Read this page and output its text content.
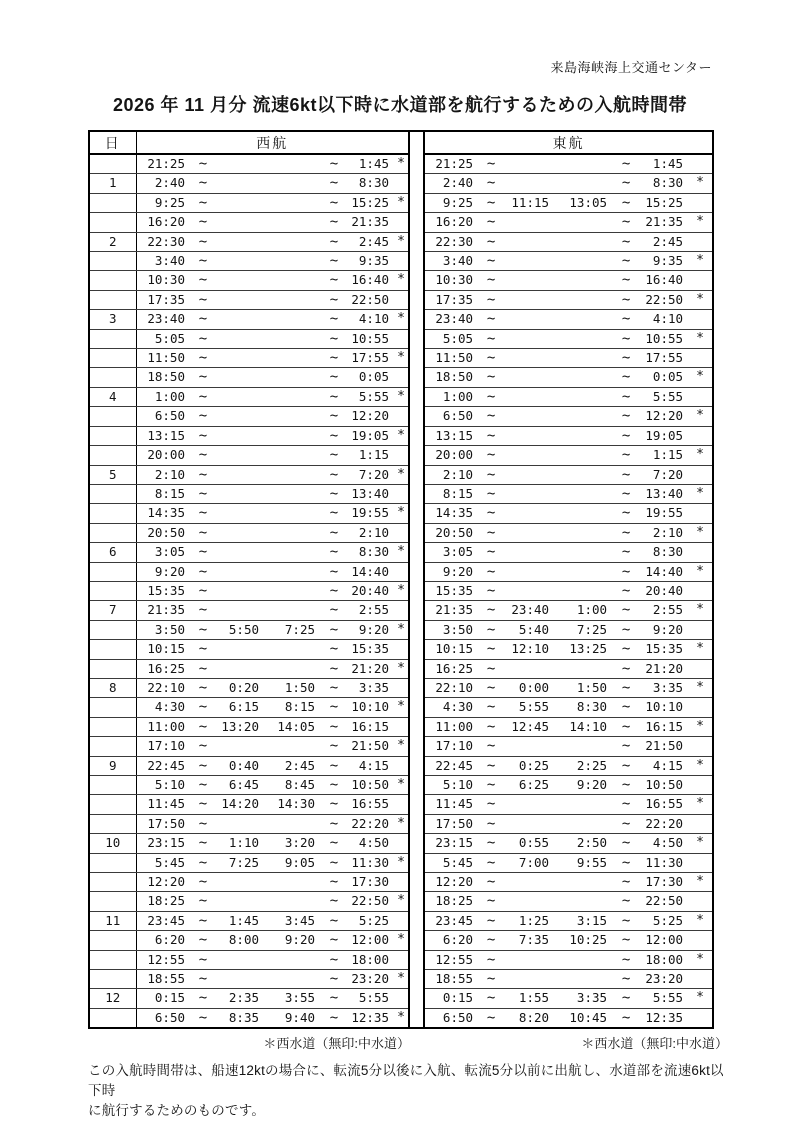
来島海峡海上交通センター
2026 年 11 月分 流速6kt以下時に水道部を航行するための入航時間帯
日	西航								東航						
	21:25	~			~	1:45	*		21:25	~			~	1:45	
1	2:40	~			~	8:30			2:40	~			~	8:30	*
	9:25	~			~	15:25	*		9:25	~	11:15	13:05	~	15:25	
	16:20	~			~	21:35			16:20	~			~	21:35	*
2	22:30	~			~	2:45	*		22:30	~			~	2:45	
	3:40	~			~	9:35			3:40	~			~	9:35	*
	10:30	~			~	16:40	*		10:30	~			~	16:40	
	17:35	~			~	22:50			17:35	~			~	22:50	*
3	23:40	~			~	4:10	*		23:40	~			~	4:10	
	5:05	~			~	10:55			5:05	~			~	10:55	*
	11:50	~			~	17:55	*		11:50	~			~	17:55	
	18:50	~			~	0:05			18:50	~			~	0:05	*
4	1:00	~			~	5:55	*		1:00	~			~	5:55	
	6:50	~			~	12:20			6:50	~			~	12:20	*
	13:15	~			~	19:05	*		13:15	~			~	19:05	
	20:00	~			~	1:15			20:00	~			~	1:15	*
5	2:10	~			~	7:20	*		2:10	~			~	7:20	
	8:15	~			~	13:40			8:15	~			~	13:40	*
	14:35	~			~	19:55	*		14:35	~			~	19:55	
	20:50	~			~	2:10			20:50	~			~	2:10	*
6	3:05	~			~	8:30	*		3:05	~			~	8:30	
	9:20	~			~	14:40			9:20	~			~	14:40	*
	15:35	~			~	20:40	*		15:35	~			~	20:40	
7	21:35	~			~	2:55			21:35	~	23:40	1:00	~	2:55	*
	3:50	~	5:50	7:25	~	9:20	*		3:50	~	5:40	7:25	~	9:20	
	10:15	~			~	15:35			10:15	~	12:10	13:25	~	15:35	*
	16:25	~			~	21:20	*		16:25	~			~	21:20	
8	22:10	~	0:20	1:50	~	3:35			22:10	~	0:00	1:50	~	3:35	*
	4:30	~	6:15	8:15	~	10:10	*		4:30	~	5:55	8:30	~	10:10	
	11:00	~	13:20	14:05	~	16:15			11:00	~	12:45	14:10	~	16:15	*
	17:10	~			~	21:50	*		17:10	~			~	21:50	
9	22:45	~	0:40	2:45	~	4:15			22:45	~	0:25	2:25	~	4:15	*
	5:10	~	6:45	8:45	~	10:50	*		5:10	~	6:25	9:20	~	10:50	
	11:45	~	14:20	14:30	~	16:55			11:45	~			~	16:55	*
	17:50	~			~	22:20	*		17:50	~			~	22:20	
10	23:15	~	1:10	3:20	~	4:50			23:15	~	0:55	2:50	~	4:50	*
	5:45	~	7:25	9:05	~	11:30	*		5:45	~	7:00	9:55	~	11:30	
	12:20	~			~	17:30			12:20	~			~	17:30	*
	18:25	~			~	22:50	*		18:25	~			~	22:50	
11	23:45	~	1:45	3:45	~	5:25			23:45	~	1:25	3:15	~	5:25	*
	6:20	~	8:00	9:20	~	12:00	*		6:20	~	7:35	10:25	~	12:00	
	12:55	~			~	18:00			12:55	~			~	18:00	*
	18:55	~			~	23:20	*		18:55	~			~	23:20	
12	0:15	~	2:35	3:55	~	5:55			0:15	~	1:55	3:35	~	5:55	*
	6:50	~	8:35	9:40	~	12:35	*		6:50	~	8:20	10:45	~	12:35	
＊西水道（無印:中水道）	＊西水道（無印:中水道）
この入航時間帯は、船速12ktの場合に、転流5分以後に入航、転流5分以前に出航し、水道部を流速6kt以下時
に航行するためのものです。
